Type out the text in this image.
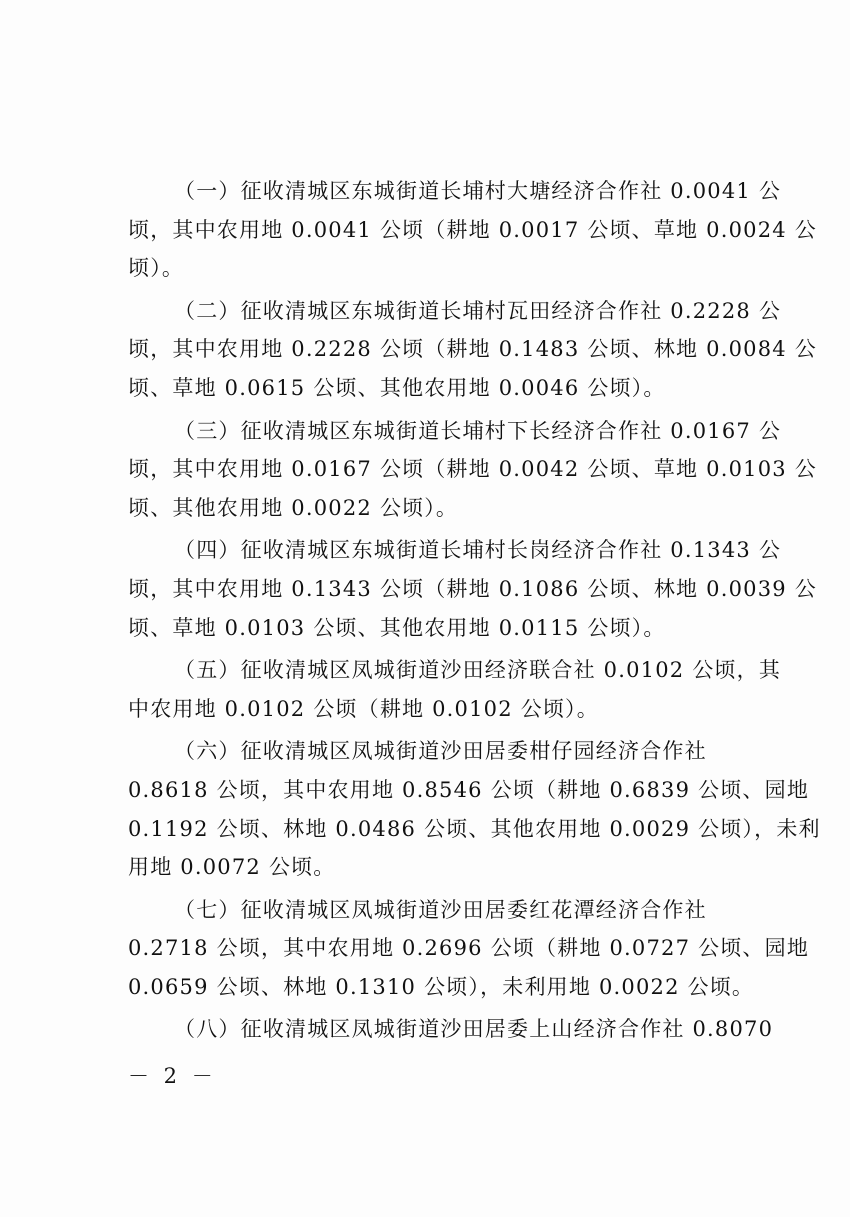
（一）征收清城区东城街道长埔村大塘经济合作社 0.0041 公
顷，其中农用地 0.0041 公顷（耕地 0.0017 公顷、草地 0.0024 公
顷）。

（二）征收清城区东城街道长埔村瓦田经济合作社 0.2228 公
顷，其中农用地 0.2228 公顷（耕地 0.1483 公顷、林地 0.0084 公
顷、草地 0.0615 公顷、其他农用地 0.0046 公顷）。

（三）征收清城区东城街道长埔村下长经济合作社 0.0167 公
顷，其中农用地 0.0167 公顷（耕地 0.0042 公顷、草地 0.0103 公
顷、其他农用地 0.0022 公顷）。

（四）征收清城区东城街道长埔村长岗经济合作社 0.1343 公
顷，其中农用地 0.1343 公顷（耕地 0.1086 公顷、林地 0.0039 公
顷、草地 0.0103 公顷、其他农用地 0.0115 公顷）。

（五）征收清城区凤城街道沙田经济联合社 0.0102 公顷，其
中农用地 0.0102 公顷（耕地 0.0102 公顷）。

（六）征收清城区凤城街道沙田居委柑仔园经济合作社
0.8618 公顷，其中农用地 0.8546 公顷（耕地 0.6839 公顷、园地
0.1192 公顷、林地 0.0486 公顷、其他农用地 0.0029 公顷），未利
用地 0.0072 公顷。

（七）征收清城区凤城街道沙田居委红花潭经济合作社
0.2718 公顷，其中农用地 0.2696 公顷（耕地 0.0727 公顷、园地
0.0659 公顷、林地 0.1310 公顷），未利用地 0.0022 公顷。

（八）征收清城区凤城街道沙田居委上山经济合作社 0.8070

－ 2 －
